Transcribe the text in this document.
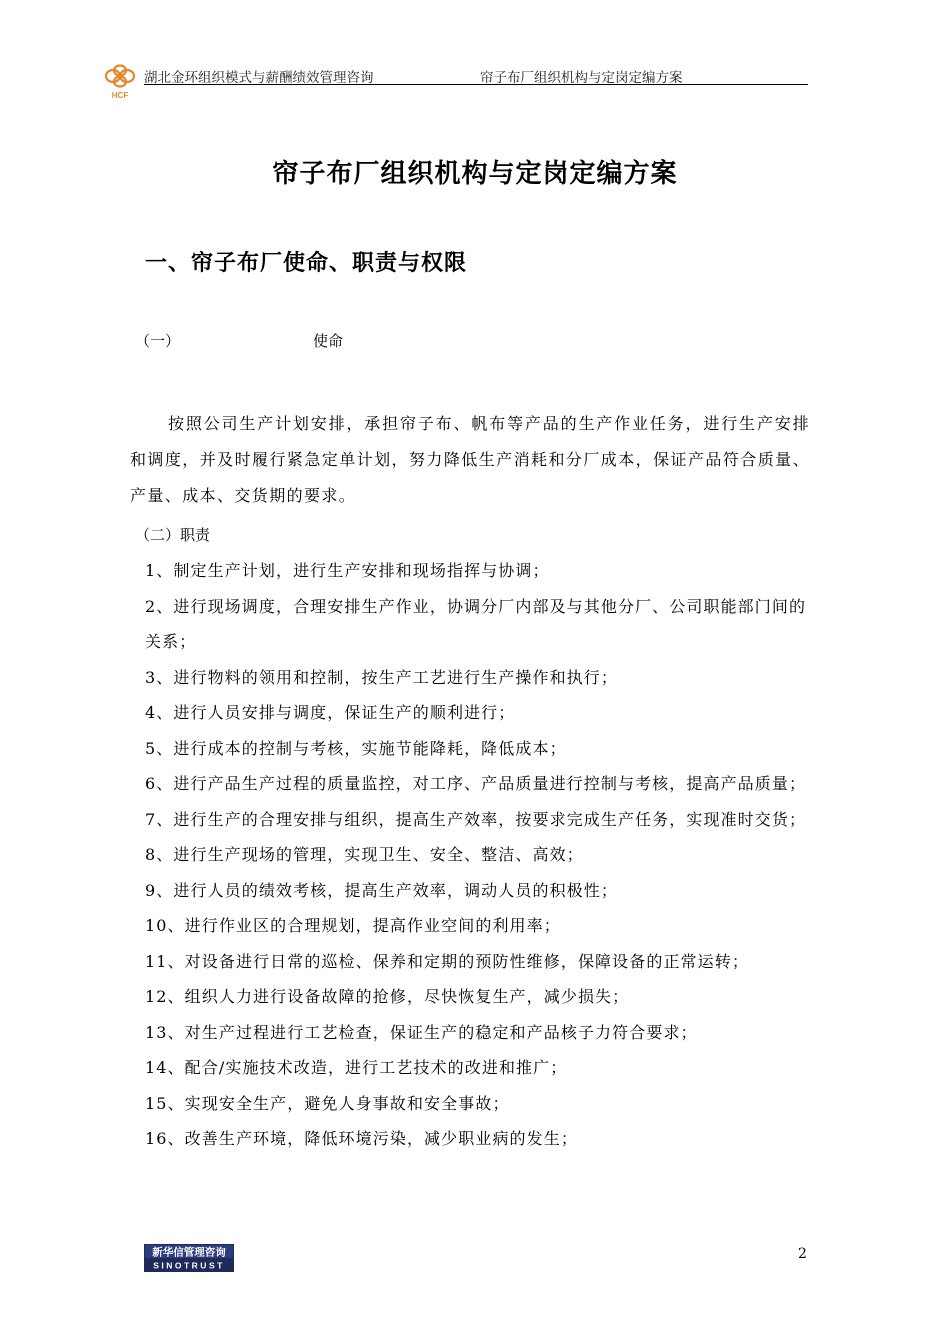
HCF
湖北金环组织模式与薪酬绩效管理咨询	帘子布厂组织机构与定岗定编方案
帘子布厂组织机构与定岗定编方案
一、帘子布厂使命、职责与权限
（一）	使命

按照公司生产计划安排，承担帘子布、帆布等产品的生产作业任务，进行生产安排和调度，并及时履行紧急定单计划，努力降低生产消耗和分厂成本，保证产品符合质量、产量、成本、交货期的要求。

（二）职责
1、制定生产计划，进行生产安排和现场指挥与协调；
2、进行现场调度，合理安排生产作业，协调分厂内部及与其他分厂、公司职能部门间的关系；
3、进行物料的领用和控制，按生产工艺进行生产操作和执行；
4、进行人员安排与调度，保证生产的顺利进行；
5、进行成本的控制与考核，实施节能降耗，降低成本；
6、进行产品生产过程的质量监控，对工序、产品质量进行控制与考核，提高产品质量；
7、进行生产的合理安排与组织，提高生产效率，按要求完成生产任务，实现准时交货；
8、进行生产现场的管理，实现卫生、安全、整洁、高效；
9、进行人员的绩效考核，提高生产效率，调动人员的积极性；
10、进行作业区的合理规划，提高作业空间的利用率；
11、对设备进行日常的巡检、保养和定期的预防性维修，保障设备的正常运转；
12、组织人力进行设备故障的抢修，尽快恢复生产，减少损失；
13、对生产过程进行工艺检查，保证生产的稳定和产品核子力符合要求；
14、配合/实施技术改造，进行工艺技术的改进和推广；
15、实现安全生产，避免人身事故和安全事故；
16、改善生产环境，降低环境污染，减少职业病的发生；
新华信管理咨询
SINOTRUST
2
